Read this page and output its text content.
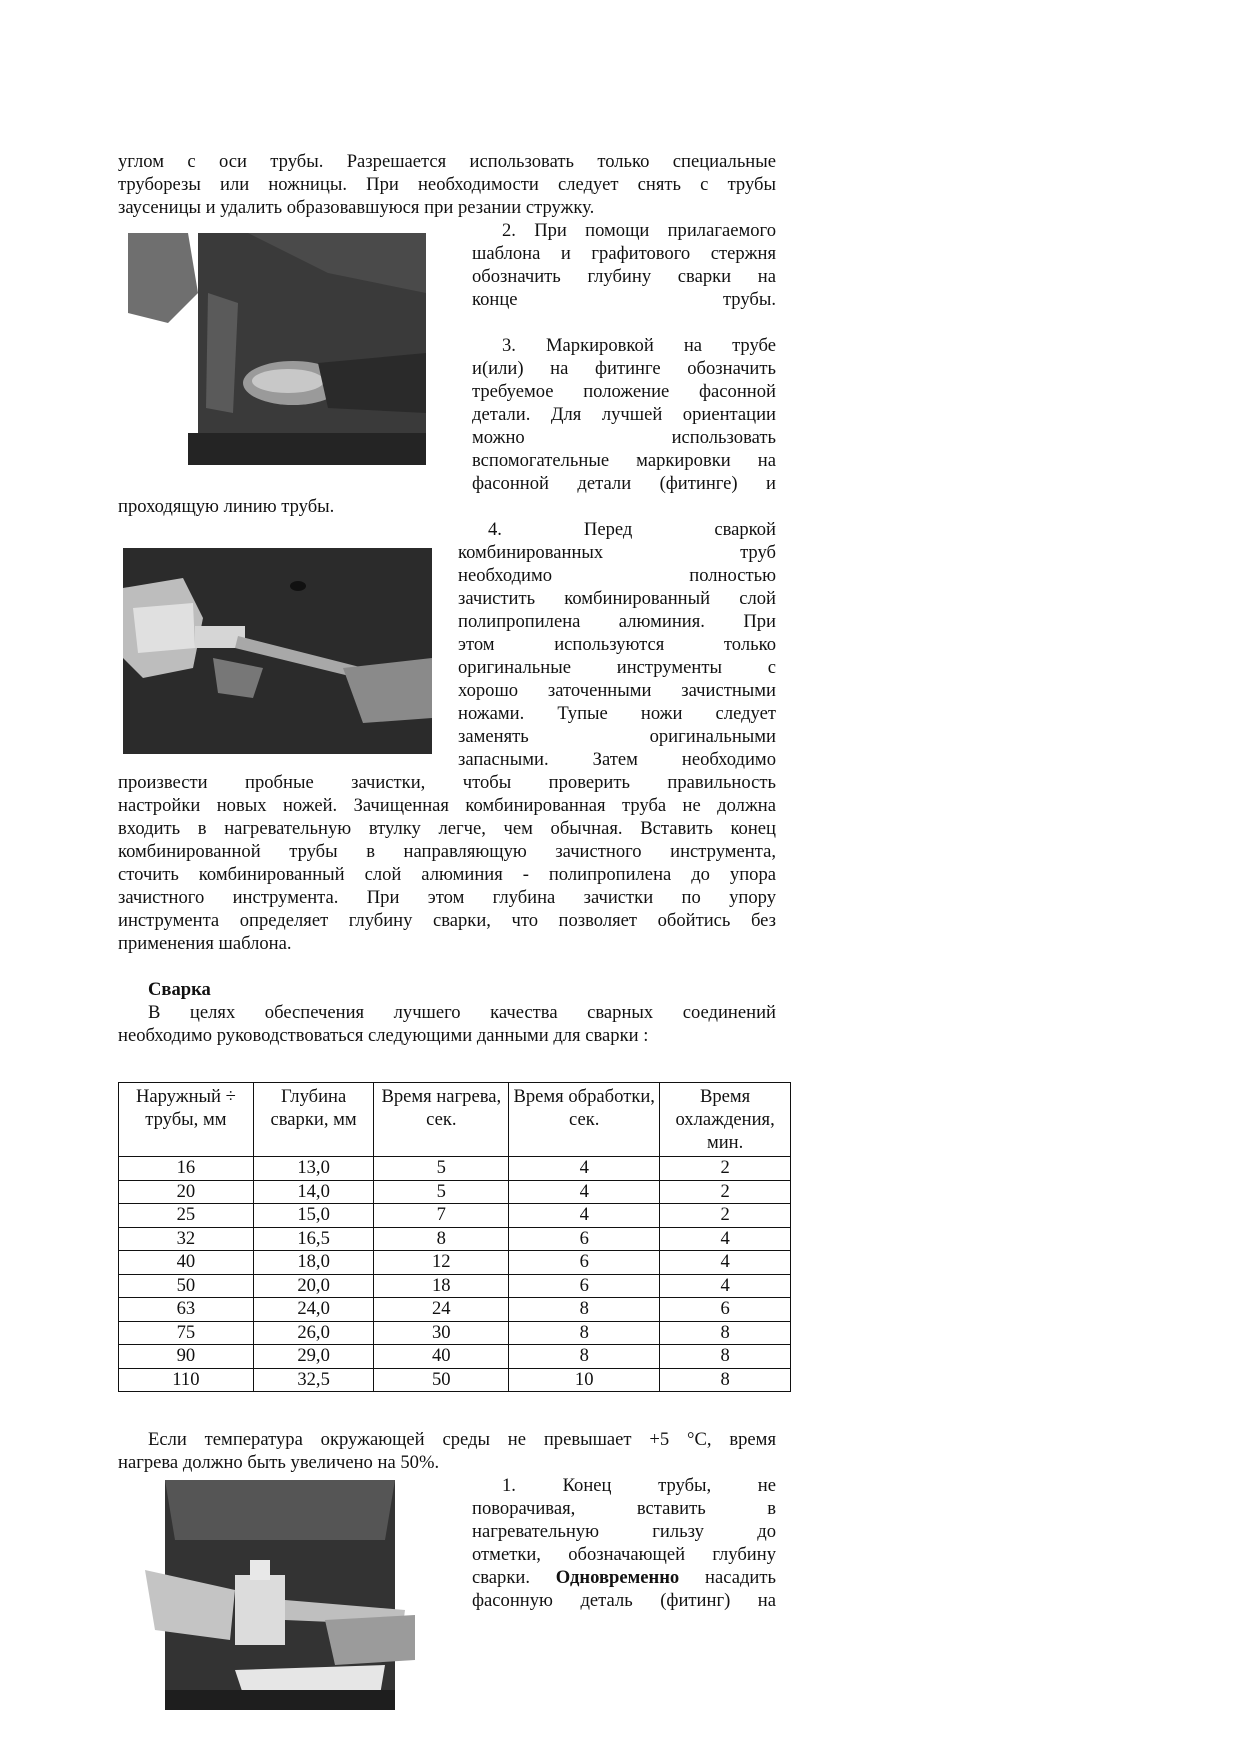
углом с оси трубы. Разрешается использовать только специальные
труборезы или ножницы. При необходимости следует снять с трубы
заусеницы и удалить образовавшуюся при резании стружку.
2. При помощи прилагаемого
шаблона и графитового стержня
обозначить глубину сварки на
конце трубы.
3. Маркировкой на трубе
и(или) на фитинге обозначить
требуемое положение фасонной
детали. Для лучшей ориентации
можно использовать
вспомогательные маркировки на
фасонной детали (фитинге) и
проходящую линию трубы.
4. Перед сваркой
комбинированных труб
необходимо полностью
зачистить комбинированный слой
полипропилена алюминия. При
этом используются только
оригинальные инструменты с
хорошо заточенными зачистными
ножами. Тупые ножи следует
заменять оригинальными
запасными. Затем необходимо
произвести пробные зачистки, чтобы проверить правильность
настройки новых ножей. Зачищенная комбинированная труба не должна
входить в нагревательную втулку легче, чем обычная. Вставить конец
комбинированной трубы в направляющую зачистного инструмента,
сточить комбинированный слой алюминия - полипропилена до упора
зачистного инструмента. При этом глубина зачистки по упору
инструмента определяет глубину сварки, что позволяет обойтись без
применения шаблона.
Сварка
В целях обеспечения лучшего качества сварных соединений
необходимо руководствоваться следующими данными для сварки :
Наружный ÷ трубы, мм	Глубина сварки, мм	Время нагрева, сек.	Время обработки, сек.	Время охлаждения, мин.
16	13,0	5	4	2
20	14,0	5	4	2
25	15,0	7	4	2
32	16,5	8	6	4
40	18,0	12	6	4
50	20,0	18	6	4
63	24,0	24	8	6
75	26,0	30	8	8
90	29,0	40	8	8
110	32,5	50	10	8
Если температура окружающей среды не превышает +5 °С, время
нагрева должно быть увеличено на 50%.
1. Конец трубы, не
поворачивая, вставить в
нагревательную гильзу до
отметки, обозначающей глубину
сварки. Одновременно насадить
фасонную деталь (фитинг) на
